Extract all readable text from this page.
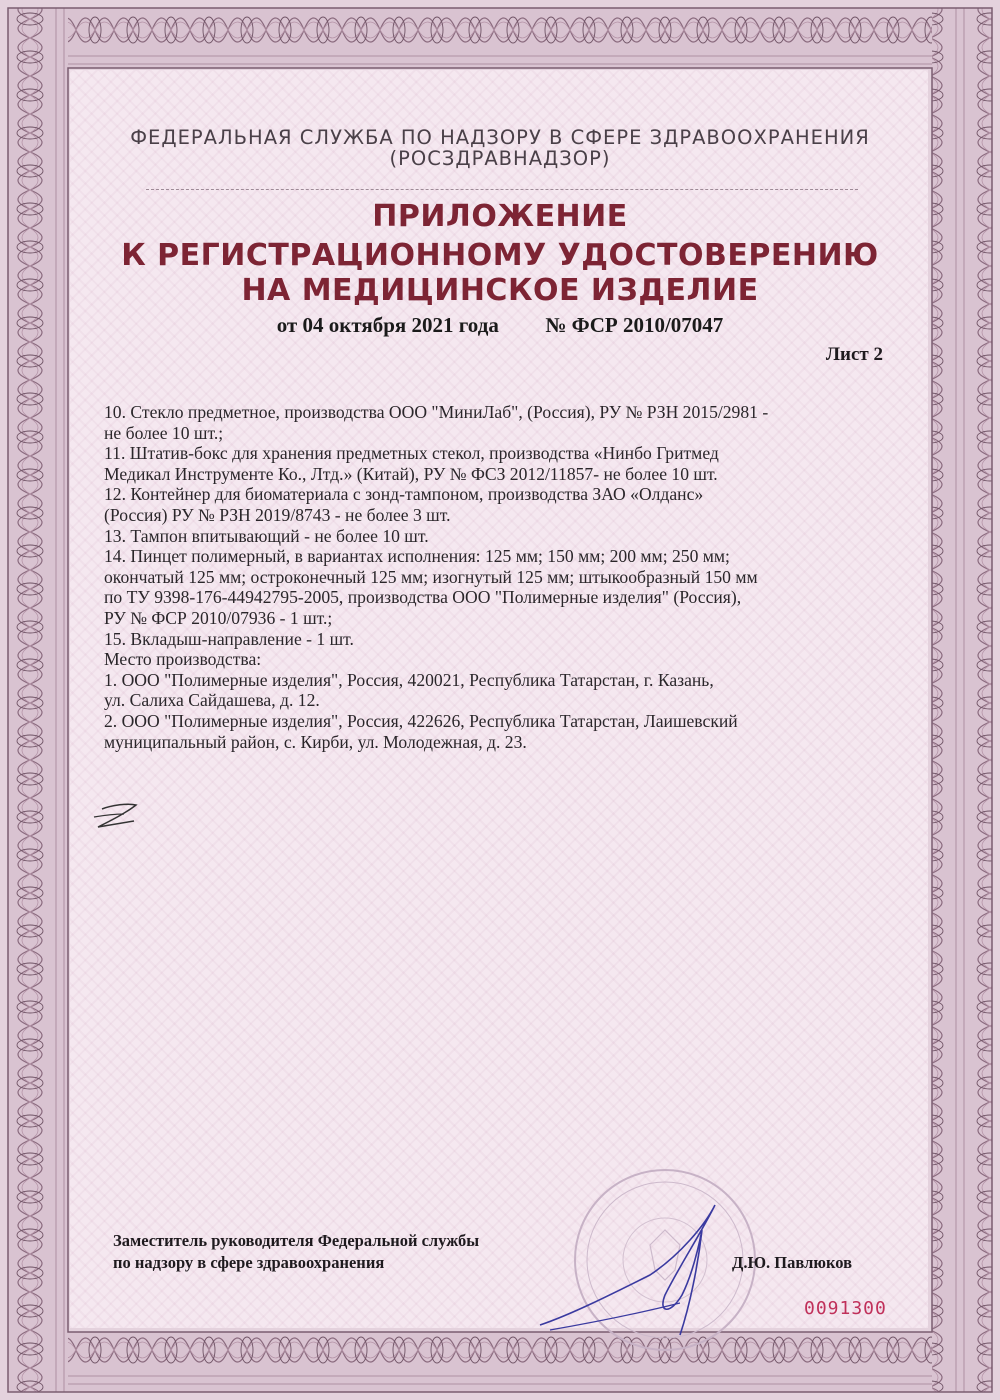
ФЕДЕРАЛЬНАЯ СЛУЖБА ПО НАДЗОРУ В СФЕРЕ ЗДРАВООХРАНЕНИЯ
(РОСЗДРАВНАДЗОР)
ПРИЛОЖЕНИЕ
К РЕГИСТРАЦИОННОМУ УДОСТОВЕРЕНИЮ
НА МЕДИЦИНСКОЕ ИЗДЕЛИЕ
от 04 октября 2021 года № ФСР 2010/07047
Лист 2
10. Стекло предметное, производства ООО "МиниЛаб", (Россия), РУ № РЗН 2015/2981 -
не более 10 шт.;
11. Штатив-бокс для хранения предметных стекол, производства «Нинбо Гритмед
Медикал Инструменте Ко., Лтд.» (Китай), РУ № ФСЗ 2012/11857- не более 10 шт.
12. Контейнер для биоматериала с зонд-тампоном, производства ЗАО «Олданс»
(Россия) РУ № РЗН 2019/8743 - не более 3 шт.
13. Тампон впитывающий - не более 10 шт.
14. Пинцет полимерный, в вариантах исполнения: 125 мм; 150 мм; 200 мм; 250 мм;
окончатый 125 мм; остроконечный 125 мм; изогнутый 125 мм; штыкообразный 150 мм
по ТУ 9398-176-44942795-2005, производства ООО "Полимерные изделия" (Россия),
РУ № ФСР 2010/07936 - 1 шт.;
15. Вкладыш-направление - 1 шт.
Место производства:
1. ООО "Полимерные изделия", Россия, 420021, Республика Татарстан, г. Казань,
ул. Салиха Сайдашева, д. 12.
2. ООО "Полимерные изделия", Россия, 422626, Республика Татарстан, Лаишевский
муниципальный район, с. Кирби, ул. Молодежная, д. 23.
Заместитель руководителя Федеральной службы
по надзору в сфере здравоохранения	Д.Ю. Павлюков
0091300
